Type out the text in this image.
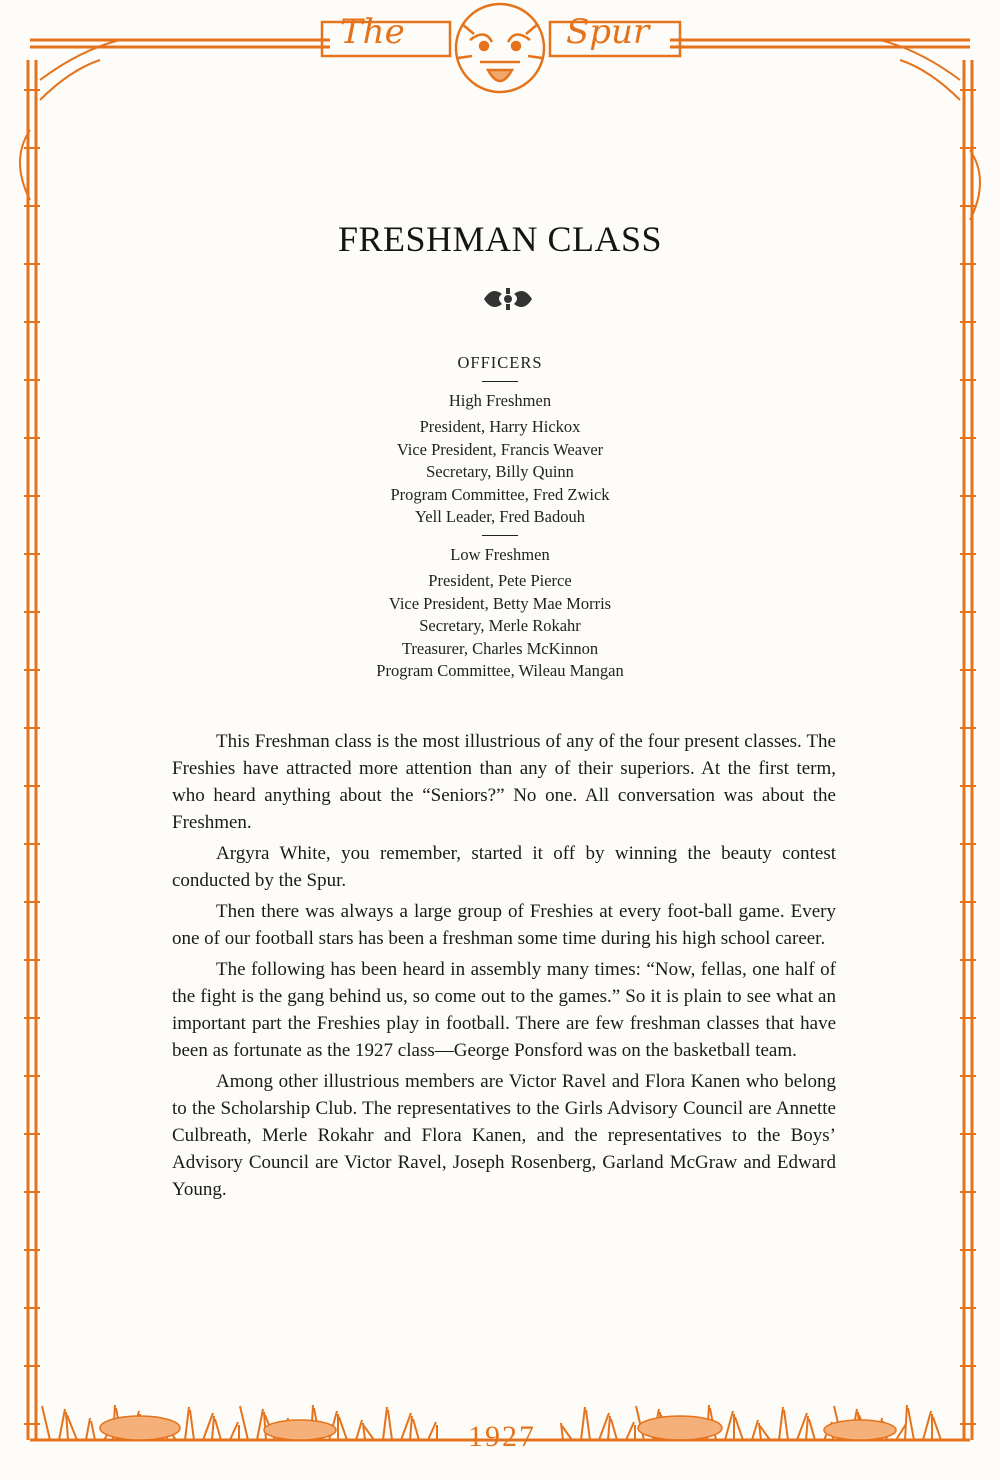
The	Spur
FRESHMAN CLASS
OFFICERS
High Freshmen
President, Harry Hickox
Vice President, Francis Weaver
Secretary, Billy Quinn
Program Committee, Fred Zwick
Yell Leader, Fred Badouh
Low Freshmen
President, Pete Pierce
Vice President, Betty Mae Morris
Secretary, Merle Rokahr
Treasurer, Charles McKinnon
Program Committee, Wileau Mangan

This Freshman class is the most illustrious of any of the four present classes. The Freshies have attracted more attention than any of their superiors. At the first term, who heard anything about the “Seniors?” No one. All conversation was about the Freshmen.

Argyra White, you remember, started it off by winning the beauty contest conducted by the Spur.

Then there was always a large group of Freshies at every foot-ball game. Every one of our football stars has been a freshman some time during his high school career.

The following has been heard in assembly many times: “Now, fellas, one half of the fight is the gang behind us, so come out to the games.” So it is plain to see what an important part the Freshies play in football. There are few freshman classes that have been as fortunate as the 1927 class—George Ponsford was on the basketball team.

Among other illustrious members are Victor Ravel and Flora Kanen who belong to the Scholarship Club. The representatives to the Girls Advisory Council are Annette Culbreath, Merle Rokahr and Flora Kanen, and the representatives to the Boys’ Advisory Council are Victor Ravel, Joseph Rosenberg, Garland McGraw and Edward Young.

1927
